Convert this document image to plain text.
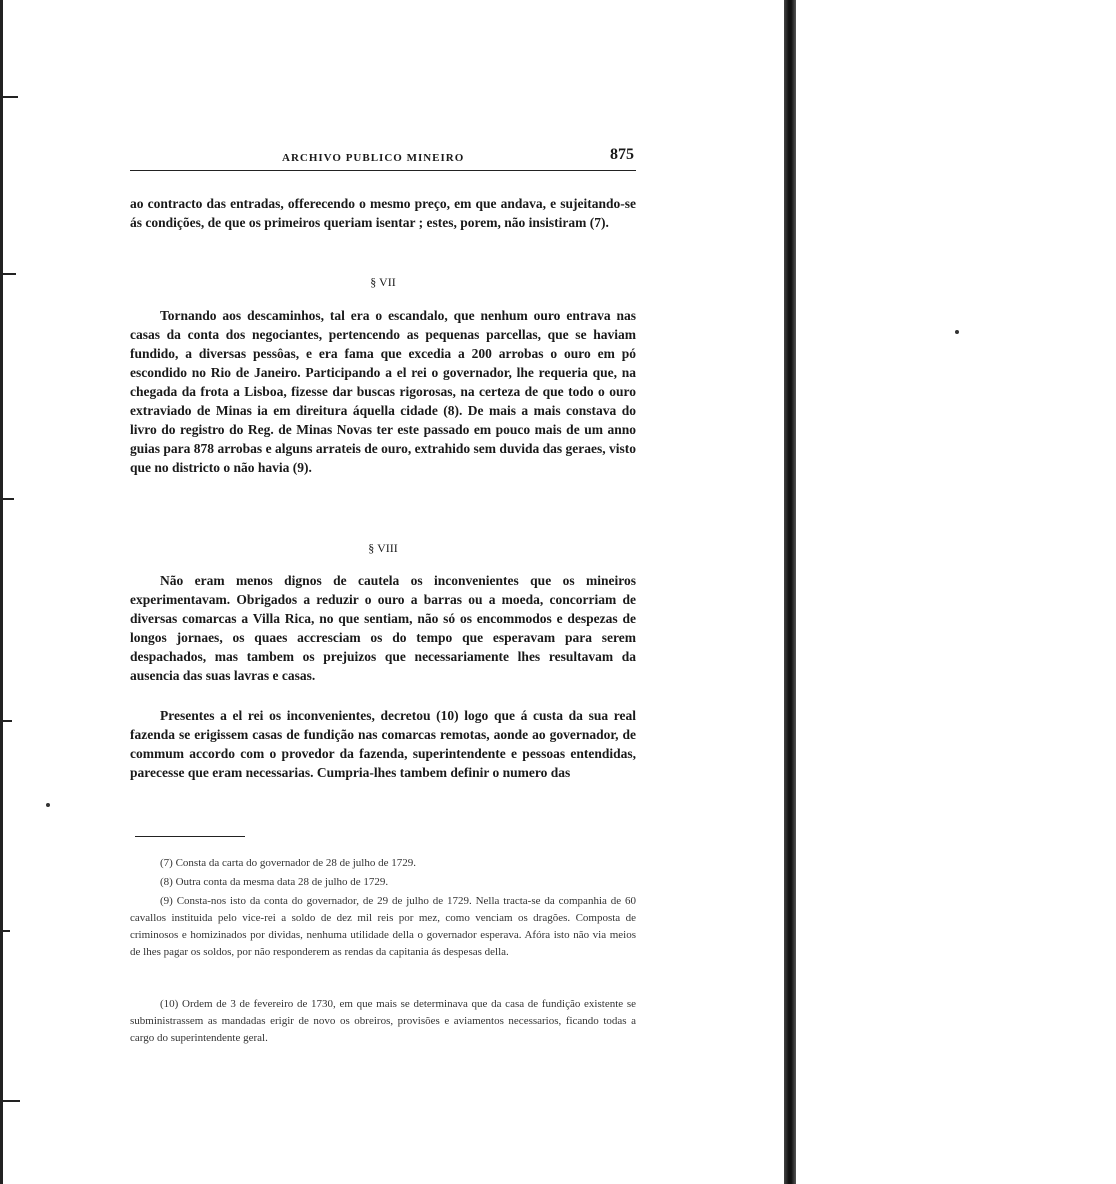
ARCHIVO PUBLICO MINEIRO	875

ao contracto das entradas, offerecendo o mesmo preço, em que andava, e sujeitando-se ás condições, de que os primeiros queriam isentar ; estes, porem, não insistiram (7).

§ VII

Tornando aos descaminhos, tal era o escandalo, que nenhum ouro entrava nas casas da conta dos negociantes, pertencendo as pequenas parcellas, que se haviam fundido, a diversas pessôas, e era fama que excedia a 200 arrobas o ouro em pó escondido no Rio de Janeiro. Participando a el rei o governador, lhe requeria que, na chegada da frota a Lisboa, fizesse dar buscas rigorosas, na certeza de que todo o ouro extraviado de Minas ia em direitura áquella cidade (8). De mais a mais constava do livro do registro do Reg. de Minas Novas ter este passado em pouco mais de um anno guias para 878 arrobas e alguns arrateis de ouro, extrahido sem duvida das geraes, visto que no districto o não havia (9).

§ VIII

Não eram menos dignos de cautela os inconvenientes que os mineiros experimentavam. Obrigados a reduzir o ouro a barras ou a moeda, concorriam de diversas comarcas a Villa Rica, no que sentiam, não só os encommodos e despezas de longos jornaes, os quaes accresciam os do tempo que esperavam para serem despachados, mas tambem os prejuizos que necessariamente lhes resultavam da ausencia das suas lavras e casas.

Presentes a el rei os inconvenientes, decretou (10) logo que á custa da sua real fazenda se erigissem casas de fundição nas comarcas remotas, aonde ao governador, de commum accordo com o provedor da fazenda, superintendente e pessoas entendidas, parecesse que eram necessarias. Cumpria-lhes tambem definir o numero das

(7) Consta da carta do governador de 28 de julho de 1729.

(8) Outra conta da mesma data 28 de julho de 1729.

(9) Consta-nos isto da conta do governador, de 29 de julho de 1729. Nella tracta-se da companhia de 60 cavallos instituida pelo vice-rei a soldo de dez mil reis por mez, como venciam os dragões. Composta de criminosos e homizinados por dividas, nenhuma utilidade della o governador esperava. Afóra isto não via meios de lhes pagar os soldos, por não responderem as rendas da capitania ás despesas della.

(10) Ordem de 3 de fevereiro de 1730, em que mais se determinava que da casa de fundição existente se subministrassem as mandadas erigir de novo os obreiros, provisões e aviamentos necessarios, ficando todas a cargo do superintendente geral.
